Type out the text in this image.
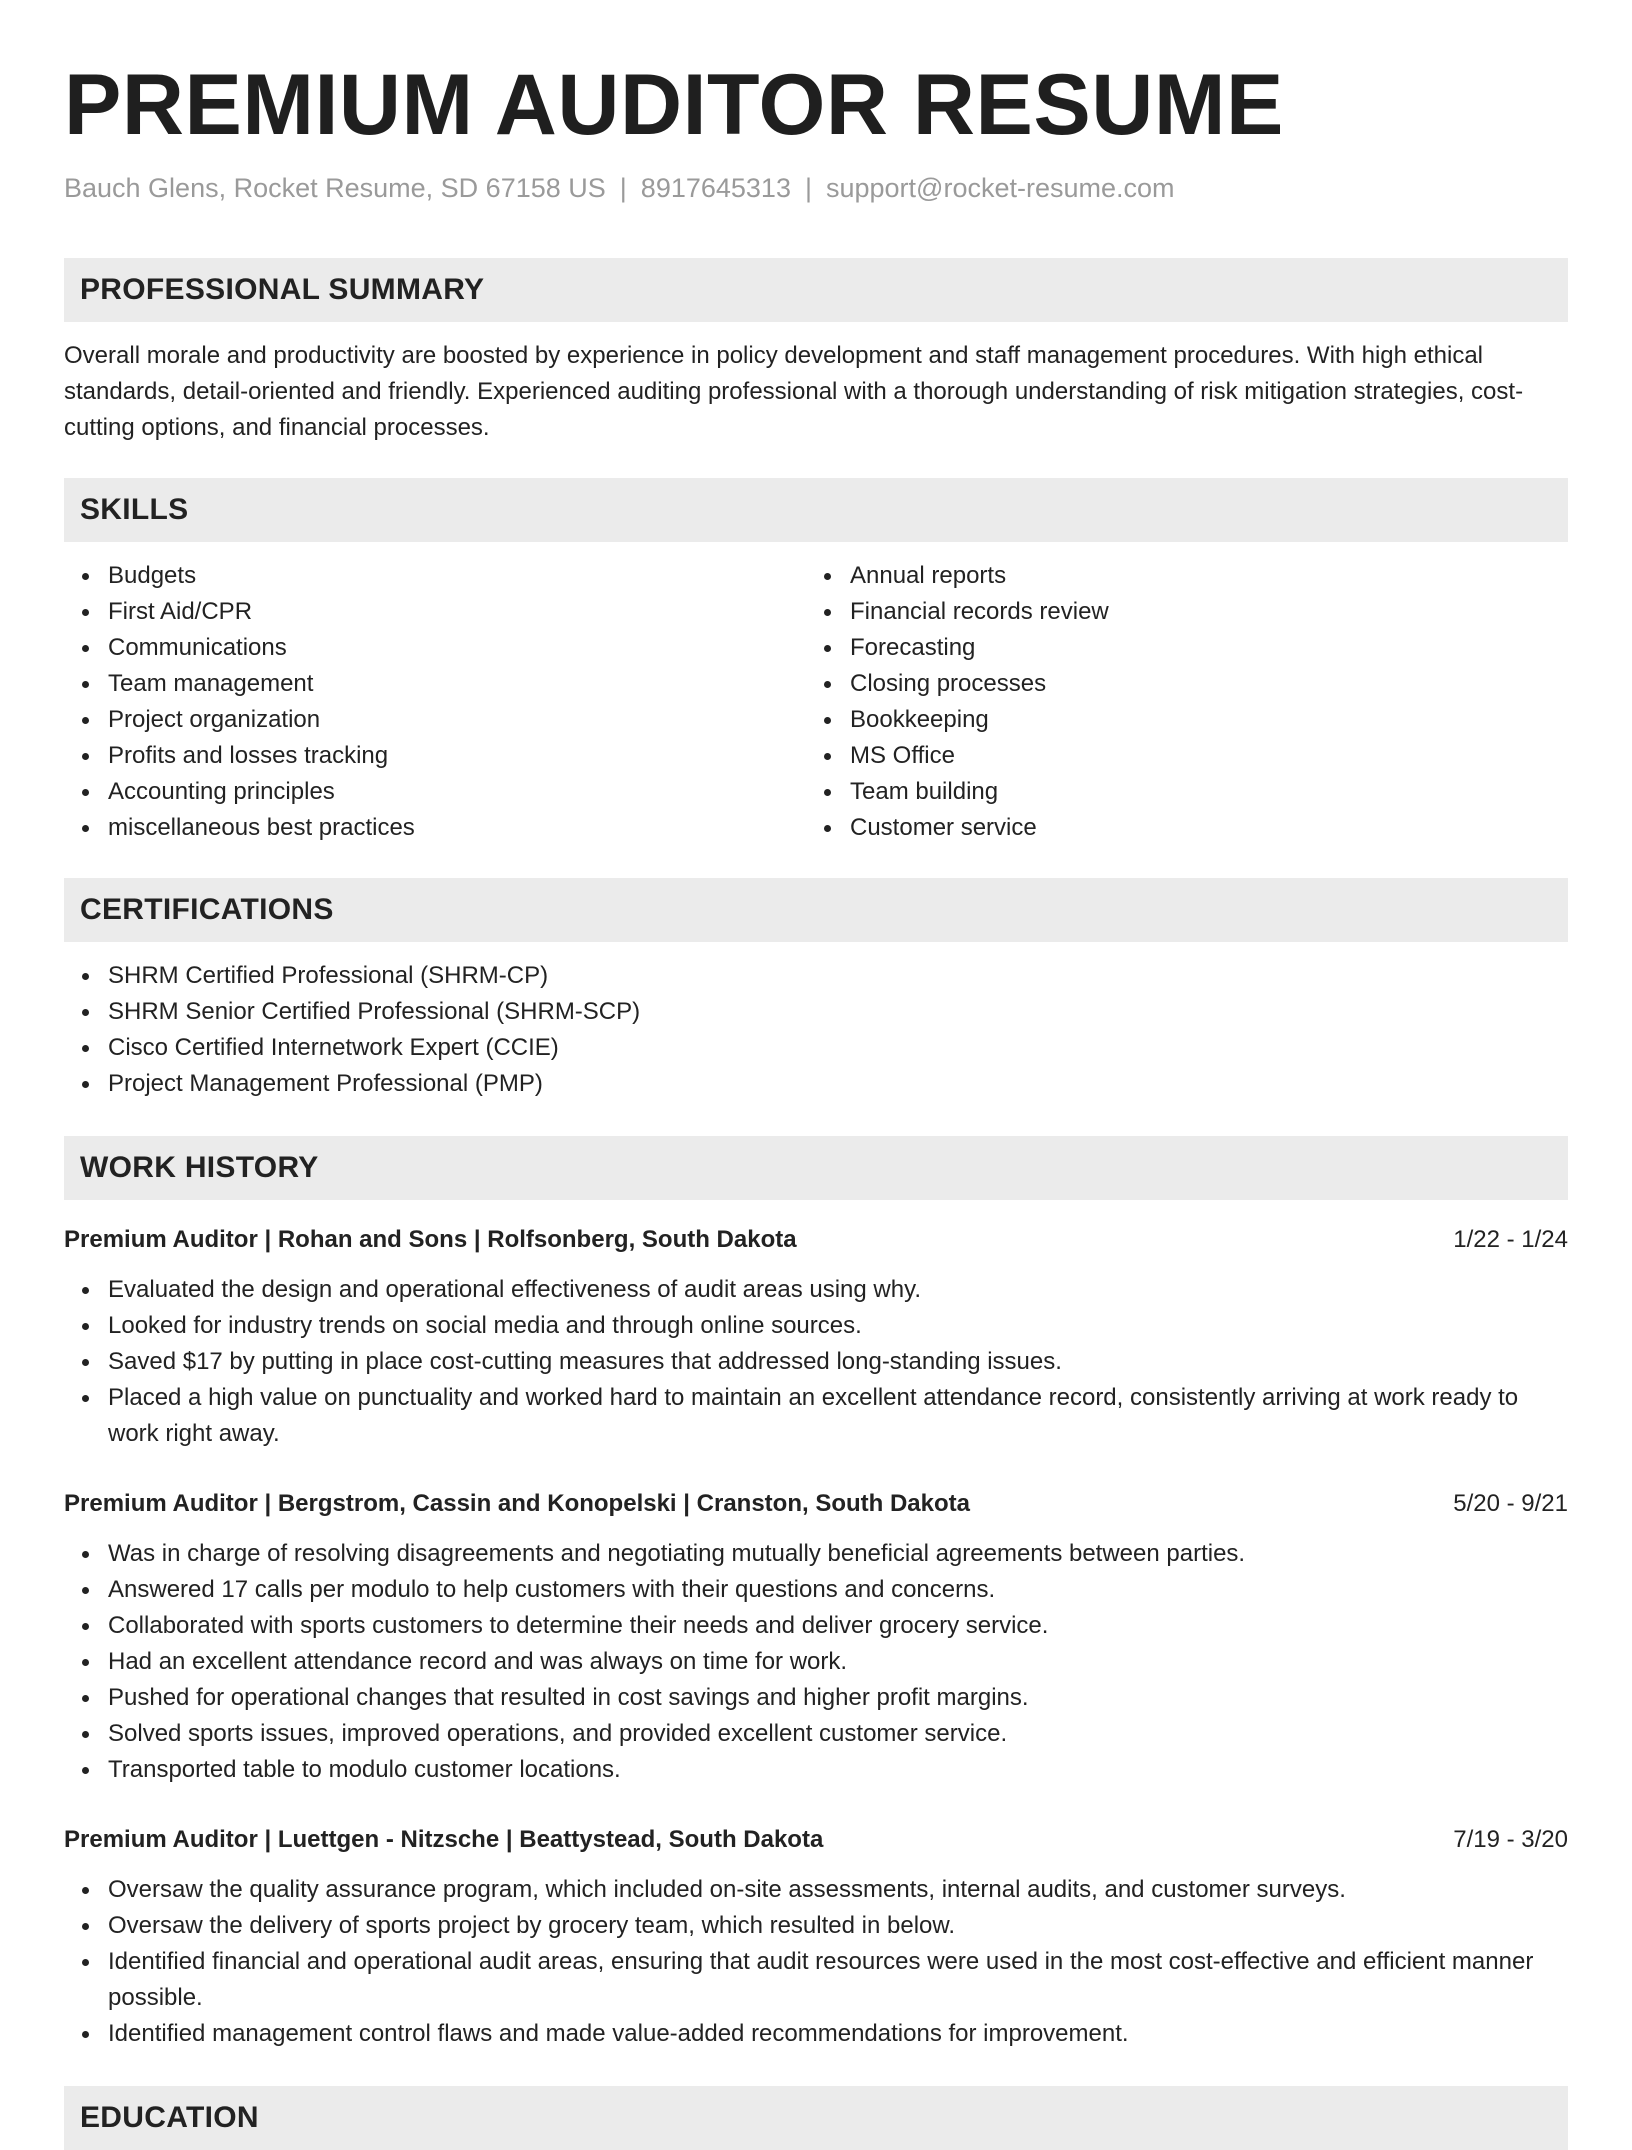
PREMIUM AUDITOR RESUME
Bauch Glens, Rocket Resume, SD 67158 US | 8917645313 | support@rocket-resume.com
PROFESSIONAL SUMMARY

Overall morale and productivity are boosted by experience in policy development and staff management procedures. With high ethical standards, detail-oriented and friendly. Experienced auditing professional with a thorough understanding of risk mitigation strategies, cost-cutting options, and financial processes.

SKILLS
Budgets
First Aid/CPR
Communications
Team management
Project organization
Profits and losses tracking
Accounting principles
miscellaneous best practices
Annual reports
Financial records review
Forecasting
Closing processes
Bookkeeping
MS Office
Team building
Customer service
CERTIFICATIONS
SHRM Certified Professional (SHRM-CP)
SHRM Senior Certified Professional (SHRM-SCP)
Cisco Certified Internetwork Expert (CCIE)
Project Management Professional (PMP)
WORK HISTORY
Premium Auditor | Rohan and Sons | Rolfsonberg, South Dakota	1/22 - 1/24
Evaluated the design and operational effectiveness of audit areas using why.
Looked for industry trends on social media and through online sources.
Saved $17 by putting in place cost-cutting measures that addressed long-standing issues.
Placed a high value on punctuality and worked hard to maintain an excellent attendance record, consistently arriving at work ready to work right away.
Premium Auditor | Bergstrom, Cassin and Konopelski | Cranston, South Dakota	5/20 - 9/21
Was in charge of resolving disagreements and negotiating mutually beneficial agreements between parties.
Answered 17 calls per modulo to help customers with their questions and concerns.
Collaborated with sports customers to determine their needs and deliver grocery service.
Had an excellent attendance record and was always on time for work.
Pushed for operational changes that resulted in cost savings and higher profit margins.
Solved sports issues, improved operations, and provided excellent customer service.
Transported table to modulo customer locations.
Premium Auditor | Luettgen - Nitzsche | Beattystead, South Dakota	7/19 - 3/20
Oversaw the quality assurance program, which included on-site assessments, internal audits, and customer surveys.
Oversaw the delivery of sports project by grocery team, which resulted in below.
Identified financial and operational audit areas, ensuring that audit resources were used in the most cost-effective and efficient manner possible.
Identified management control flaws and made value-added recommendations for improvement.
EDUCATION
